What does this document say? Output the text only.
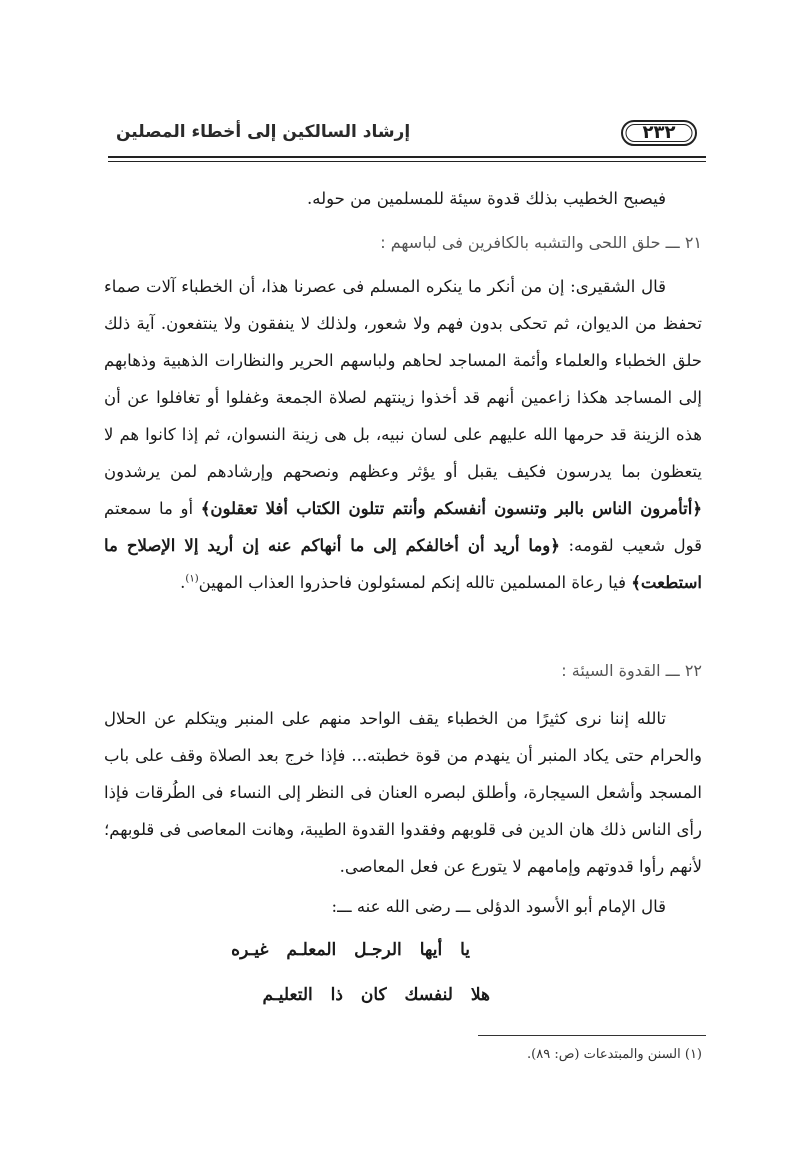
إرشاد السالكين إلى أخطاء المصلين	٢٣٢
فيصبح الخطيب بذلك قدوة سيئة للمسلمين من حوله.
٢١ ـــ حلق اللحى والتشبه بالكافرين فى لباسهم :
قال الشقيرى: إن من أنكر ما ينكره المسلم فى عصرنا هذا، أن الخطباء آلات صماء تحفظ من الديوان، ثم تحكى بدون فهم ولا شعور، ولذلك لا ينفقون ولا ينتفعون. آية ذلك حلق الخطباء والعلماء وأئمة المساجد لحاهم ولباسهم الحرير والنظارات الذهبية وذهابهم إلى المساجد هكذا زاعمين أنهم قد أخذوا زينتهم لصلاة الجمعة وغفلوا أو تغافلوا عن أن هذه الزينة قد حرمها الله عليهم على لسان نبيه، بل هى زينة النسوان، ثم إذا كانوا هم لا يتعظون بما يدرسون فكيف يقبل أو يؤثر وعظهم ونصحهم وإرشادهم لمن يرشدون ﴿أتأمرون الناس بالبر وتنسون أنفسكم وأنتم تتلون الكتاب أفلا تعقلون﴾ أو ما سمعتم قول شعيب لقومه: ﴿وما أريد أن أخالفكم إلى ما أنهاكم عنه إن أريد إلا الإصلاح ما استطعت﴾ فيا رعاة المسلمين تالله إنكم لمسئولون فاحذروا العذاب المهين$^{(١)}$.
٢٢ ـــ القدوة السيئة :
تالله إننا نرى كثيرًا من الخطباء يقف الواحد منهم على المنبر ويتكلم عن الحلال والحرام حتى يكاد المنبر أن ينهدم من قوة خطبته... فإذا خرج بعد الصلاة وقف على باب المسجد وأشعل السيجارة، وأطلق لبصره العنان فى النظر إلى النساء فى الطُرقات فإذا رأى الناس ذلك هان الدين فى قلوبهم وفقدوا القدوة الطيبة، وهانت المعاصى فى قلوبهم؛ لأنهم رأوا قدوتهم وإمامهم لا يتورع عن فعل المعاصى.
قال الإمام أبو الأسود الدؤلى ـــ رضى الله عنه ـــ:
يا أيها الرجـل المعلـم غيـره
هلا لنفسك كان ذا التعليـم
(١) السنن والمبتدعات (ص: ٨٩).
